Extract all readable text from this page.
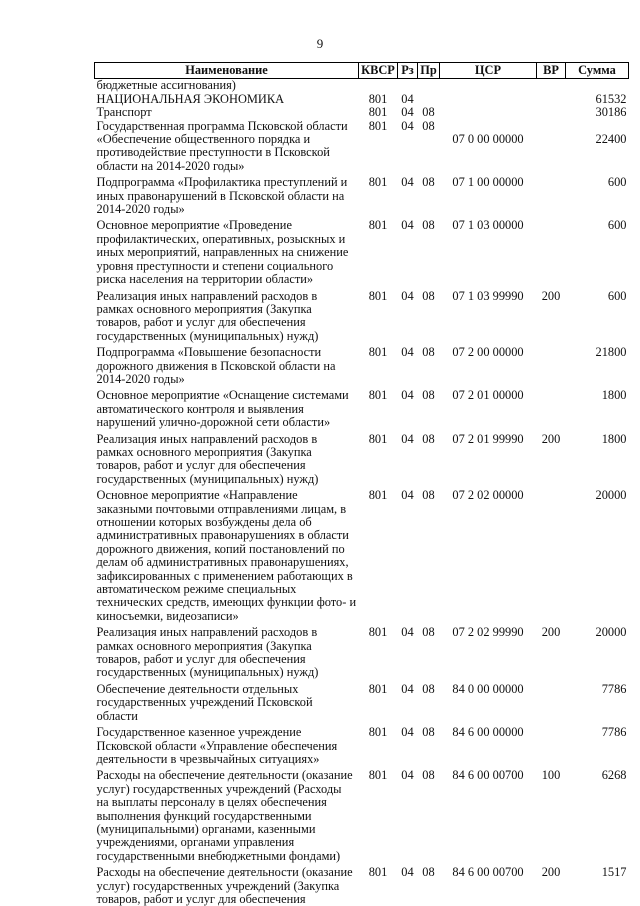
9
Наименование	КВСР	Рз	Пр	ЦСР	ВР	Сумма
бюджетные ассигнования)						
НАЦИОНАЛЬНАЯ ЭКОНОМИКА	801	04				61532
Транспорт	801	04	08			30186
Государственная программа Псковской области «Обеспечение общественного порядка и противодействие преступности в Псковской области на 2014-2020 годы»	801	04	08	07 0 00 00000		22400
Подпрограмма «Профилактика преступлений и иных правонарушений в Псковской области на 2014-2020 годы»	801	04	08	07 1 00 00000		600
Основное мероприятие «Проведение профилактических, оперативных, розыскных и иных мероприятий, направленных на снижение уровня преступности и степени социального риска населения на территории области»	801	04	08	07 1 03 00000		600
Реализация иных направлений расходов в рамках основного мероприятия (Закупка товаров, работ и услуг для обеспечения государственных (муниципальных) нужд)	801	04	08	07 1 03 99990	200	600
Подпрограмма «Повышение безопасности дорожного движения в Псковской области на 2014-2020 годы»	801	04	08	07 2 00 00000		21800
Основное мероприятие «Оснащение системами автоматического контроля и выявления нарушений улично-дорожной сети области»	801	04	08	07 2 01 00000		1800
Реализация иных направлений расходов в рамках основного мероприятия (Закупка товаров, работ и услуг для обеспечения государственных (муниципальных) нужд)	801	04	08	07 2 01 99990	200	1800
Основное мероприятие «Направление заказными почтовыми отправлениями лицам, в отношении которых возбуждены дела об административных правонарушениях в области дорожного движения, копий постановлений по делам об административных правонарушениях, зафиксированных с применением работающих в автоматическом режиме специальных технических средств, имеющих функции фото- и киносъемки, видеозаписи»	801	04	08	07 2 02 00000		20000
Реализация иных направлений расходов в рамках основного мероприятия (Закупка товаров, работ и услуг для обеспечения государственных (муниципальных) нужд)	801	04	08	07 2 02 99990	200	20000
Обеспечение деятельности отдельных государственных учреждений Псковской области	801	04	08	84 0 00 00000		7786
Государственное казенное учреждение Псковской области «Управление обеспечения деятельности в чрезвычайных ситуациях»	801	04	08	84 6 00 00000		7786
Расходы на обеспечение деятельности (оказание услуг) государственных учреждений (Расходы на выплаты персоналу в целях обеспечения выполнения функций государственными (муниципальными) органами, казенными учреждениями, органами управления государственными внебюджетными фондами)	801	04	08	84 6 00 00700	100	6268
Расходы на обеспечение деятельности (оказание услуг) государственных учреждений (Закупка товаров, работ и услуг для обеспечения	801	04	08	84 6 00 00700	200	1517
